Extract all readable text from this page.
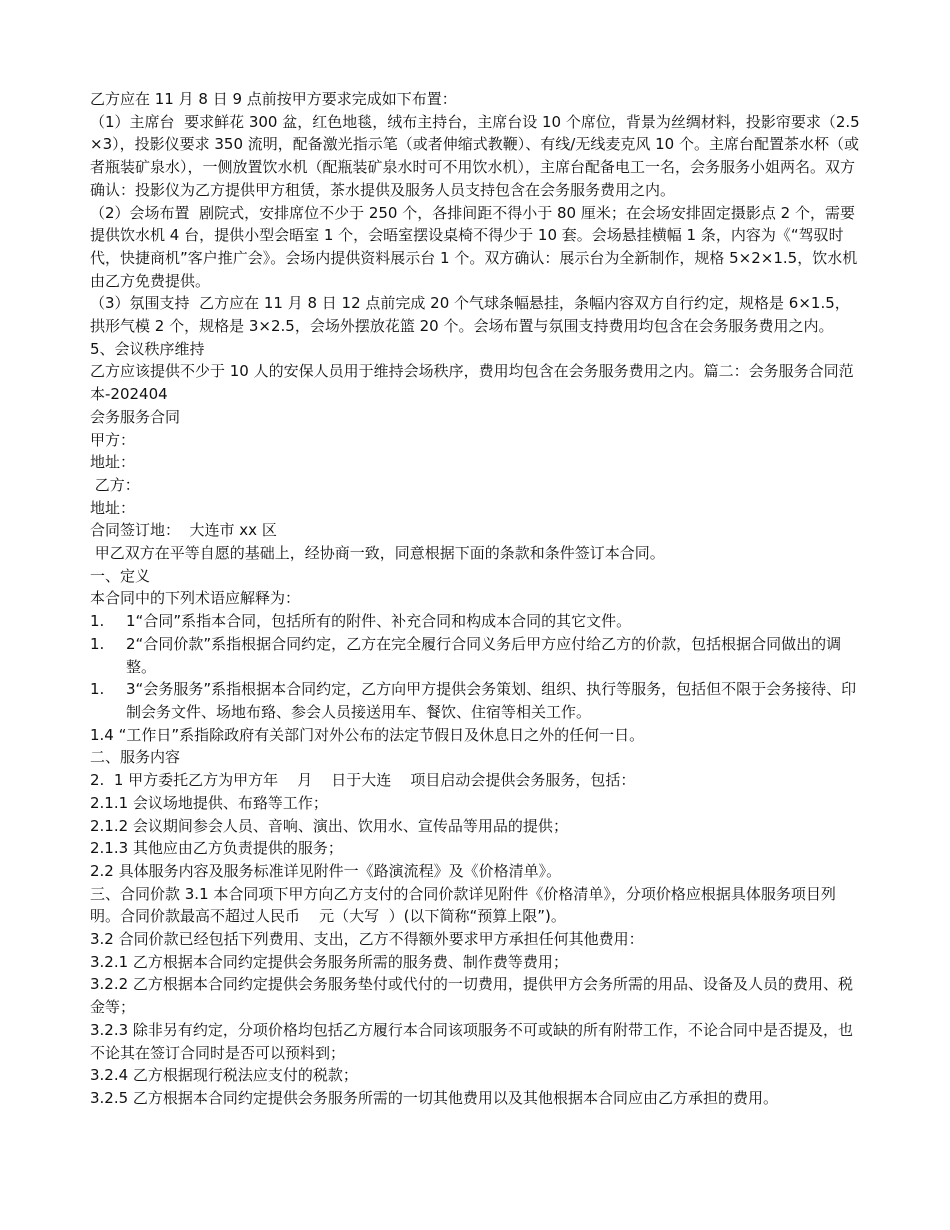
乙方应在 11 月 8 日 9 点前按甲方要求完成如下布置：

（1）主席台  要求鲜花 300 盆，红色地毯，绒布主持台，主席台设 10 个席位，背景为丝绸材料，投影帘要求（2.5×3），投影仪要求 350 流明，配备激光指示笔（或者伸缩式教鞭）、有线/无线麦克风 10 个。主席台配置茶水杯（或者瓶装矿泉水），一侧放置饮水机（配瓶装矿泉水时可不用饮水机），主席台配备电工一名，会务服务小姐两名。双方确认：投影仪为乙方提供甲方租赁，茶水提供及服务人员支持包含在会务服务费用之内。

（2）会场布置  剧院式，安排席位不少于 250 个，各排间距不得小于 80 厘米；在会场安排固定摄影点 2 个，需要提供饮水机 4 台，提供小型会晤室 1 个，会晤室摆设桌椅不得少于 10 套。会场悬挂横幅 1 条，内容为《“驾驭时代，快捷商机”客户推广会》。会场内提供资料展示台 1 个。双方确认：展示台为全新制作，规格 5×2×1.5，饮水机由乙方免费提供。

（3）氛围支持  乙方应在 11 月 8 日 12 点前完成 20 个气球条幅悬挂，条幅内容双方自行约定，规格是 6×1.5，拱形气模 2 个，规格是 3×2.5，会场外摆放花篮 20 个。会场布置与氛围支持费用均包含在会务服务费用之内。  5、会议秩序维持

乙方应该提供不少于 10 人的安保人员用于维持会场秩序，费用均包含在会务服务费用之内。篇二：会务服务合同范本-202404

会务服务合同

甲方：

地址：

乙方：

地址：

合同签订地：  大连市 xx 区

甲乙双方在平等自愿的基础上，经协商一致，同意根据下面的条款和条件签订本合同。

一、定义

本合同中的下列术语应解释为：

1.	1“合同”系指本合同，包括所有的附件、补充合同和构成本合同的其它文件。
1.	2“合同价款”系指根据合同约定，乙方在完全履行合同义务后甲方应付给乙方的价款，包括根据合同做出的调整。
1.	3“会务服务”系指根据本合同约定，乙方向甲方提供会务策划、组织、执行等服务，包括但不限于会务接待、印制会务文件、场地布臵、参会人员接送用车、餐饮、住宿等相关工作。

1.4 “工作日”系指除政府有关部门对外公布的法定节假日及休息日之外的任何一日。

二、服务内容

2.  1 甲方委托乙方为甲方年    月    日于大连    项目启动会提供会务服务，包括：

2.1.1 会议场地提供、布臵等工作；

2.1.2 会议期间参会人员、音响、演出、饮用水、宣传品等用品的提供；

2.1.3 其他应由乙方负责提供的服务；

2.2 具体服务内容及服务标准详见附件一《路演流程》及《价格清单》。

三、合同价款 3.1 本合同项下甲方向乙方支付的合同价款详见附件《价格清单》，分项价格应根据具体服务项目列明。合同价款最高不超过人民币    元（大写  ）(以下简称“预算上限”)。

3.2 合同价款已经包括下列费用、支出，乙方不得额外要求甲方承担任何其他费用：

3.2.1 乙方根据本合同约定提供会务服务所需的服务费、制作费等费用；

3.2.2 乙方根据本合同约定提供会务服务垫付或代付的一切费用，提供甲方会务所需的用品、设备及人员的费用、税金等；

3.2.3 除非另有约定，分项价格均包括乙方履行本合同该项服务不可或缺的所有附带工作，不论合同中是否提及，也不论其在签订合同时是否可以预料到；

3.2.4 乙方根据现行税法应支付的税款；

3.2.5 乙方根据本合同约定提供会务服务所需的一切其他费用以及其他根据本合同应由乙方承担的费用。
